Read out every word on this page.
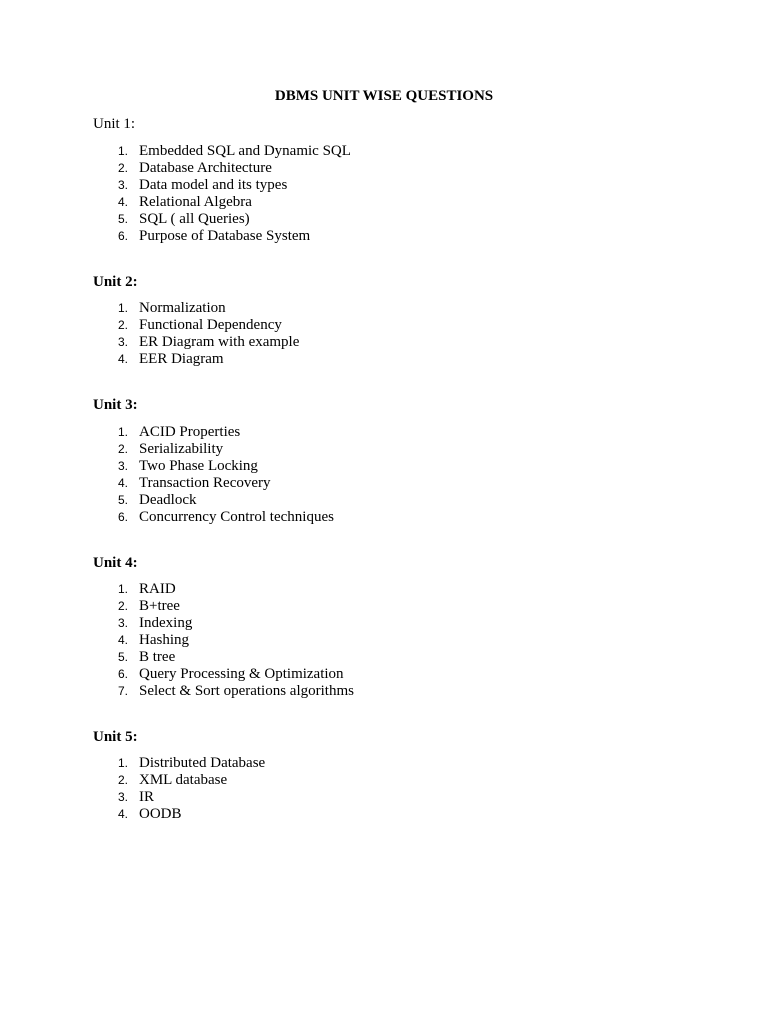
DBMS UNIT WISE QUESTIONS
Unit 1:
1. Embedded SQL and Dynamic SQL
2. Database Architecture
3. Data model and its types
4. Relational Algebra
5. SQL ( all Queries)
6. Purpose of Database System
Unit 2:
1. Normalization
2. Functional Dependency
3. ER Diagram with example
4. EER Diagram
Unit 3:
1. ACID Properties
2. Serializability
3. Two Phase Locking
4. Transaction Recovery
5. Deadlock
6. Concurrency Control techniques
Unit 4:
1. RAID
2. B+tree
3. Indexing
4. Hashing
5. B tree
6. Query Processing & Optimization
7. Select & Sort operations algorithms
Unit 5:
1. Distributed Database
2. XML database
3. IR
4. OODB
